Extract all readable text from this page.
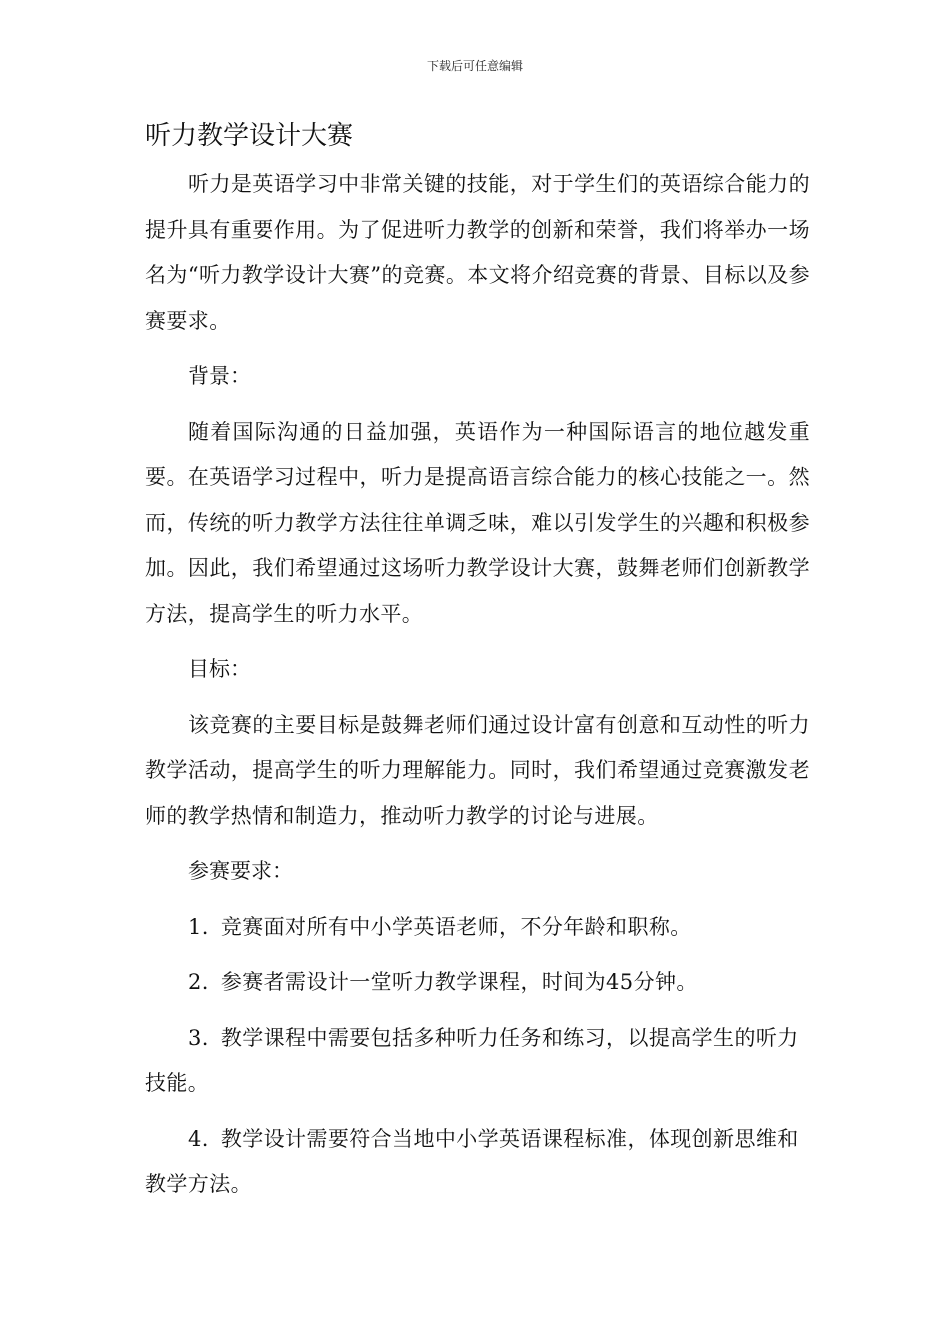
下载后可任意编辑
听力教学设计大赛

听力是英语学习中非常关键的技能，对于学生们的英语综合能力的提升具有重要作用。为了促进听力教学的创新和荣誉，我们将举办一场名为“听力教学设计大赛”的竞赛。本文将介绍竞赛的背景、目标以及参赛要求。

背景：

随着国际沟通的日益加强，英语作为一种国际语言的地位越发重要。在英语学习过程中，听力是提高语言综合能力的核心技能之一。然而，传统的听力教学方法往往单调乏味，难以引发学生的兴趣和积极参加。因此，我们希望通过这场听力教学设计大赛，鼓舞老师们创新教学方法，提高学生的听力水平。

目标：

该竞赛的主要目标是鼓舞老师们通过设计富有创意和互动性的听力教学活动，提高学生的听力理解能力。同时，我们希望通过竞赛激发老师的教学热情和制造力，推动听力教学的讨论与进展。

参赛要求：

1. 竞赛面对所有中小学英语老师，不分年龄和职称。

2. 参赛者需设计一堂听力教学课程，时间为45分钟。

3. 教学课程中需要包括多种听力任务和练习，以提高学生的听力技能。

4. 教学设计需要符合当地中小学英语课程标准，体现创新思维和教学方法。
